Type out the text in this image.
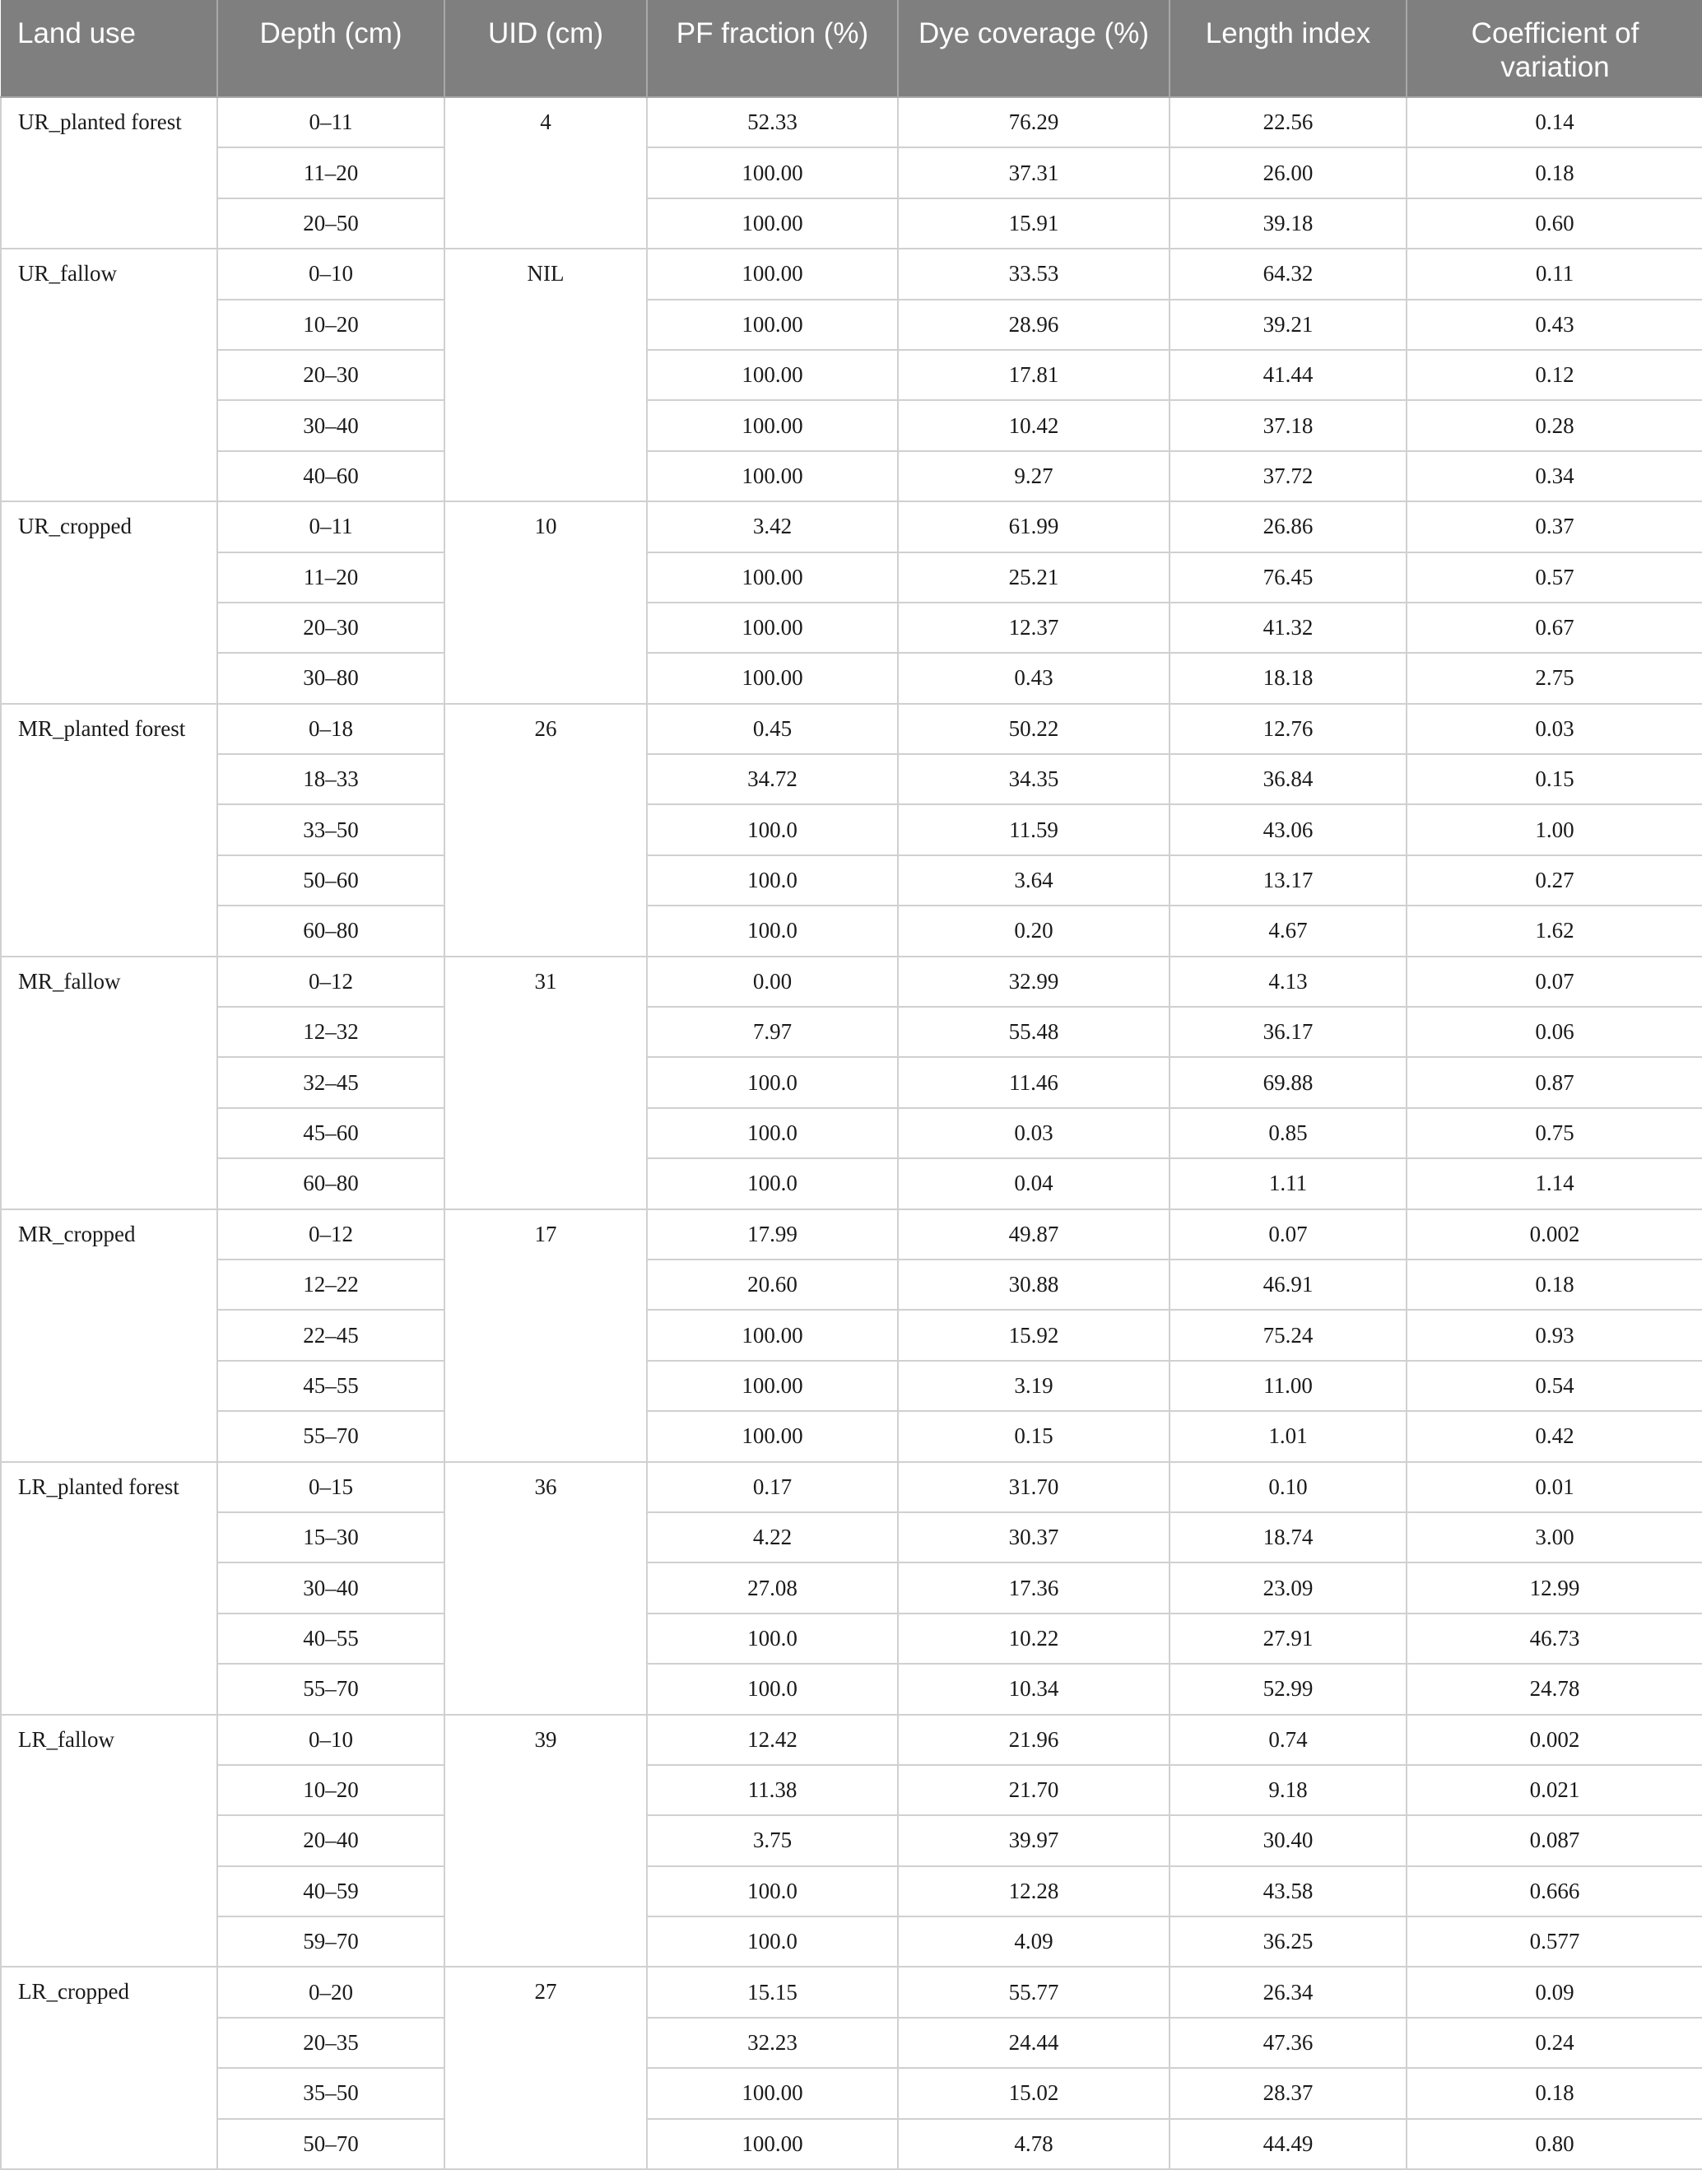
Land use	Depth (cm)	UID (cm)	PF fraction (%)	Dye coverage (%)	Length index	Coefficient of variation
UR_planted forest	0–11	4	52.33	76.29	22.56	0.14
	11–20		100.00	37.31	26.00	0.18
	20–50		100.00	15.91	39.18	0.60
UR_fallow	0–10	NIL	100.00	33.53	64.32	0.11
	10–20		100.00	28.96	39.21	0.43
	20–30		100.00	17.81	41.44	0.12
	30–40		100.00	10.42	37.18	0.28
	40–60		100.00	9.27	37.72	0.34
UR_cropped	0–11	10	3.42	61.99	26.86	0.37
	11–20		100.00	25.21	76.45	0.57
	20–30		100.00	12.37	41.32	0.67
	30–80		100.00	0.43	18.18	2.75
MR_planted forest	0–18	26	0.45	50.22	12.76	0.03
	18–33		34.72	34.35	36.84	0.15
	33–50		100.0	11.59	43.06	1.00
	50–60		100.0	3.64	13.17	0.27
	60–80		100.0	0.20	4.67	1.62
MR_fallow	0–12	31	0.00	32.99	4.13	0.07
	12–32		7.97	55.48	36.17	0.06
	32–45		100.0	11.46	69.88	0.87
	45–60		100.0	0.03	0.85	0.75
	60–80		100.0	0.04	1.11	1.14
MR_cropped	0–12	17	17.99	49.87	0.07	0.002
	12–22		20.60	30.88	46.91	0.18
	22–45		100.00	15.92	75.24	0.93
	45–55		100.00	3.19	11.00	0.54
	55–70		100.00	0.15	1.01	0.42
LR_planted forest	0–15	36	0.17	31.70	0.10	0.01
	15–30		4.22	30.37	18.74	3.00
	30–40		27.08	17.36	23.09	12.99
	40–55		100.0	10.22	27.91	46.73
	55–70		100.0	10.34	52.99	24.78
LR_fallow	0–10	39	12.42	21.96	0.74	0.002
	10–20		11.38	21.70	9.18	0.021
	20–40		3.75	39.97	30.40	0.087
	40–59		100.0	12.28	43.58	0.666
	59–70		100.0	4.09	36.25	0.577
LR_cropped	0–20	27	15.15	55.77	26.34	0.09
	20–35		32.23	24.44	47.36	0.24
	35–50		100.00	15.02	28.37	0.18
	50–70		100.00	4.78	44.49	0.80
